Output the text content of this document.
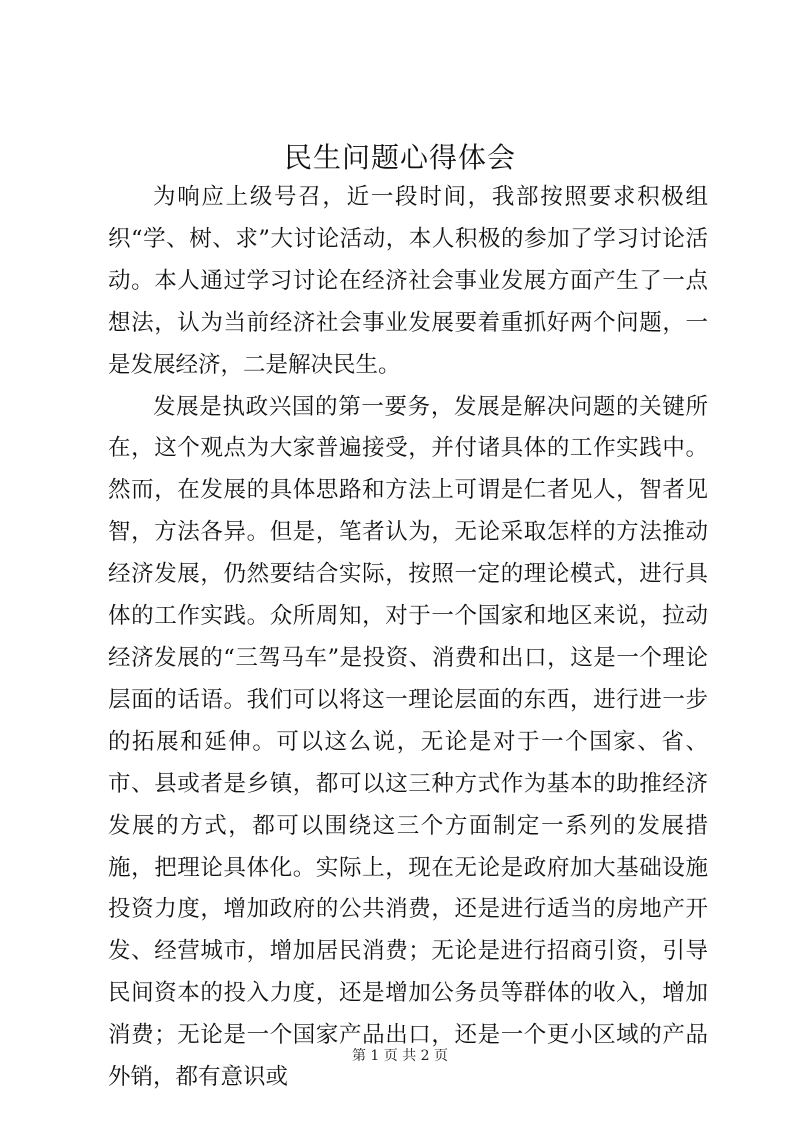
民生问题心得体会

为响应上级号召，近一段时间，我部按照要求积极组织“学、树、求”大讨论活动，本人积极的参加了学习讨论活动。本人通过学习讨论在经济社会事业发展方面产生了一点想法，认为当前经济社会事业发展要着重抓好两个问题，一是发展经济，二是解决民生。

发展是执政兴国的第一要务，发展是解决问题的关键所在，这个观点为大家普遍接受，并付诸具体的工作实践中。然而，在发展的具体思路和方法上可谓是仁者见人，智者见智，方法各异。但是，笔者认为，无论采取怎样的方法推动经济发展，仍然要结合实际，按照一定的理论模式，进行具体的工作实践。众所周知，对于一个国家和地区来说，拉动经济发展的“三驾马车”是投资、消费和出口，这是一个理论层面的话语。我们可以将这一理论层面的东西，进行进一步的拓展和延伸。可以这么说，无论是对于一个国家、省、市、县或者是乡镇，都可以这三种方式作为基本的助推经济发展的方式，都可以围绕这三个方面制定一系列的发展措施，把理论具体化。实际上，现在无论是政府加大基础设施投资力度，增加政府的公共消费，还是进行适当的房地产开发、经营城市，增加居民消费；无论是进行招商引资，引导民间资本的投入力度，还是增加公务员等群体的收入，增加消费；无论是一个国家产品出口，还是一个更小区域的产品外销，都有意识或

第 1 页 共 2 页
